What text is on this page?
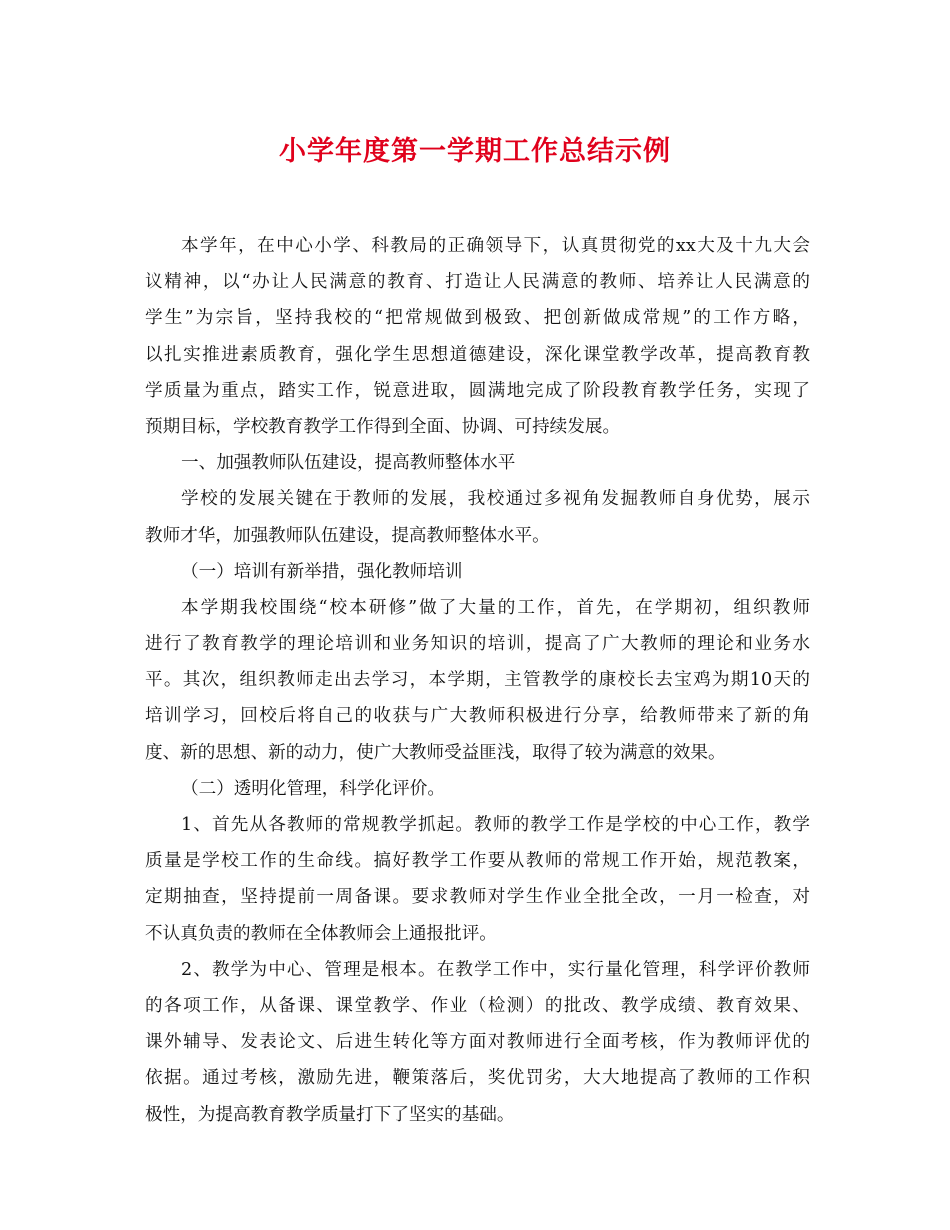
小学年度第一学期工作总结示例
本学年，在中心小学、科教局的正确领导下，认真贯彻党的xx大及十九大会
议精神，以“办让人民满意的教育、打造让人民满意的教师、培养让人民满意的
学生”为宗旨，坚持我校的“把常规做到极致、把创新做成常规”的工作方略，
以扎实推进素质教育，强化学生思想道德建设，深化课堂教学改革，提高教育教
学质量为重点，踏实工作，锐意进取，圆满地完成了阶段教育教学任务，实现了
预期目标，学校教育教学工作得到全面、协调、可持续发展。
一、加强教师队伍建设，提高教师整体水平
学校的发展关键在于教师的发展，我校通过多视角发掘教师自身优势，展示
教师才华，加强教师队伍建设，提高教师整体水平。
（一）培训有新举措，强化教师培训
本学期我校围绕“校本研修”做了大量的工作，首先，在学期初，组织教师
进行了教育教学的理论培训和业务知识的培训，提高了广大教师的理论和业务水
平。其次，组织教师走出去学习，本学期，主管教学的康校长去宝鸡为期10天的
培训学习，回校后将自己的收获与广大教师积极进行分享，给教师带来了新的角
度、新的思想、新的动力，使广大教师受益匪浅，取得了较为满意的效果。
（二）透明化管理，科学化评价。
1、首先从各教师的常规教学抓起。教师的教学工作是学校的中心工作，教学
质量是学校工作的生命线。搞好教学工作要从教师的常规工作开始，规范教案，
定期抽查，坚持提前一周备课。要求教师对学生作业全批全改，一月一检查，对
不认真负责的教师在全体教师会上通报批评。
2、教学为中心、管理是根本。在教学工作中，实行量化管理，科学评价教师
的各项工作，从备课、课堂教学、作业（检测）的批改、教学成绩、教育效果、
课外辅导、发表论文、后进生转化等方面对教师进行全面考核，作为教师评优的
依据。通过考核，激励先进，鞭策落后，奖优罚劣，大大地提高了教师的工作积
极性，为提高教育教学质量打下了坚实的基础。
